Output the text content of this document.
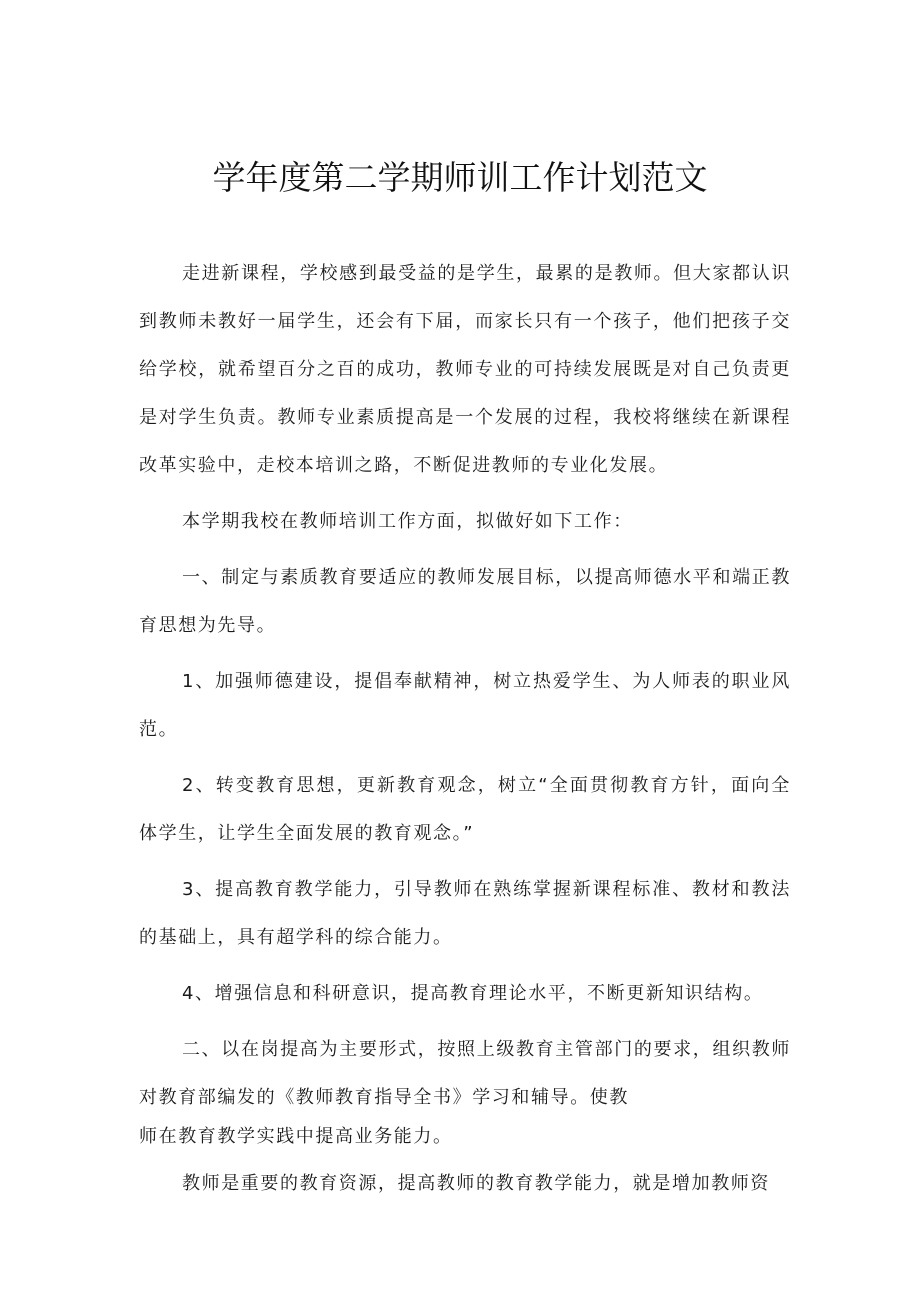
学年度第二学期师训工作计划范文

走进新课程，学校感到最受益的是学生，最累的是教师。但大家都认识到教师未教好一届学生，还会有下届，而家长只有一个孩子，他们把孩子交给学校，就希望百分之百的成功，教师专业的可持续发展既是对自己负责更是对学生负责。教师专业素质提高是一个发展的过程，我校将继续在新课程改革实验中，走校本培训之路，不断促进教师的专业化发展。

本学期我校在教师培训工作方面，拟做好如下工作：

一、制定与素质教育要适应的教师发展目标，以提高师德水平和端正教育思想为先导。

1、加强师德建设，提倡奉献精神，树立热爱学生、为人师表的职业风范。

2、转变教育思想，更新教育观念，树立“全面贯彻教育方针，面向全体学生，让学生全面发展的教育观念。”

3、提高教育教学能力，引导教师在熟练掌握新课程标准、教材和教法的基础上，具有超学科的综合能力。

4、增强信息和科研意识，提高教育理论水平，不断更新知识结构。

二、以在岗提高为主要形式，按照上级教育主管部门的要求，组织教师对教育部编发的《教师教育指导全书》学习和辅导。使教

师在教育教学实践中提高业务能力。

教师是重要的教育资源，提高教师的教育教学能力，就是增加教师资
